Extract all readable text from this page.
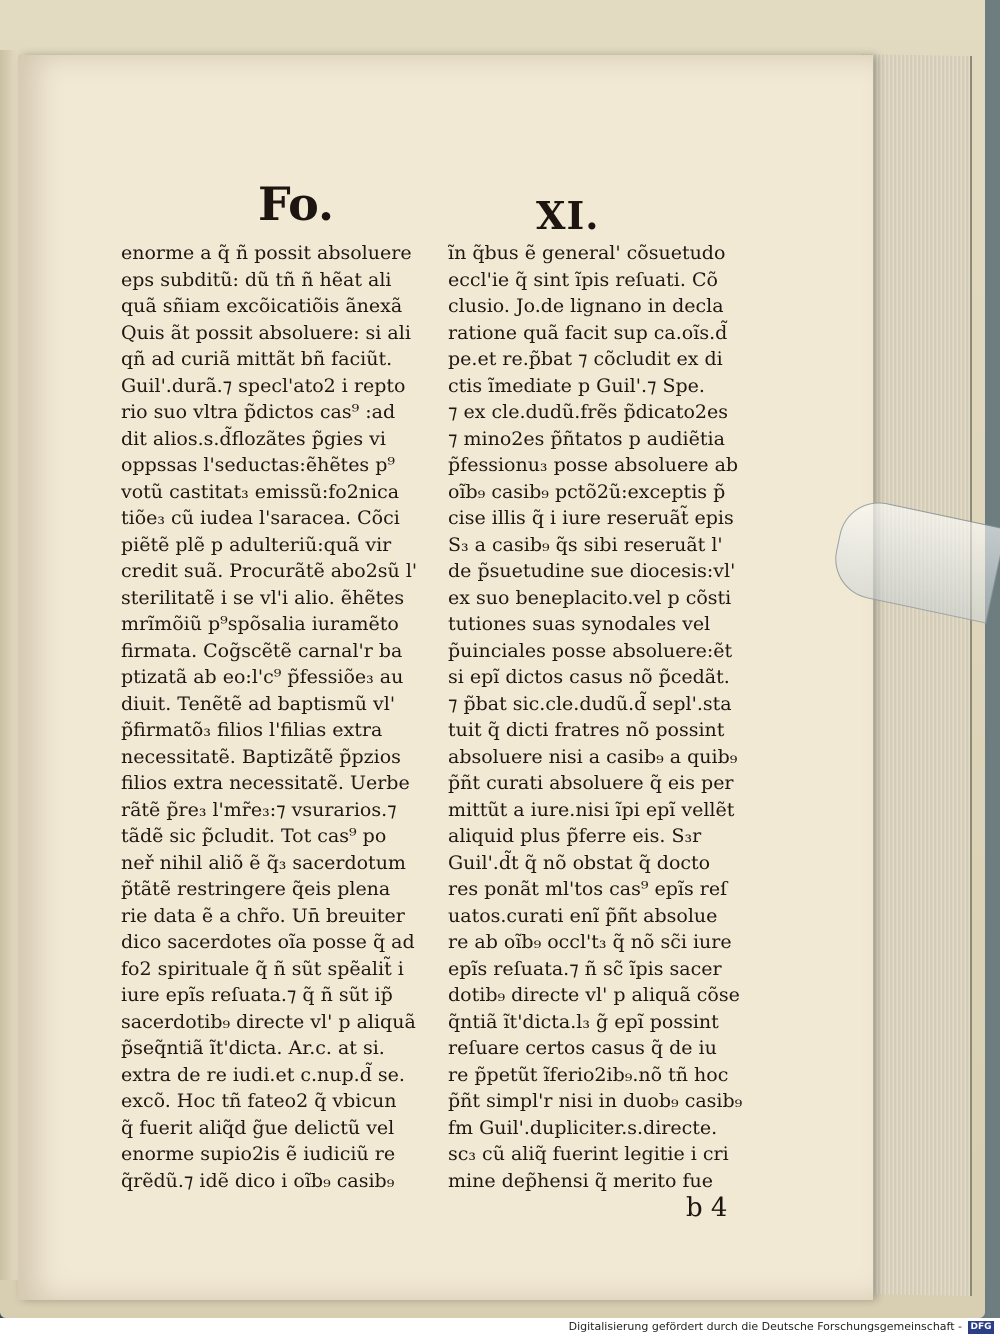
Fo.	XI.
enorme a q̃ ñ possit absoluere
eps subditũ: dũ tñ ñ hẽat ali
quã sñiam excõicatiõis ãnexã
Quis ãt possit absoluere: si ali
qñ ad curiã mittãt bñ faciũt.
Guil'.durã.⁊ specl'ato2 i repto
rio suo vltra p̃dictos cas⁹ :ad
dit alios.s.d̃flozãtes p̃gies vi
oppssas l'seductas:ẽhẽtes p⁹
votũ castitat₃ emissũ:fo2nica
tiõe₃ cũ iudea l'saracea. Cõci
piẽtẽ plẽ p adulteriũ:quã vir
credit suã. Procurãtẽ abo2sũ l'
sterilitatẽ i se vl'i alio. ẽhẽtes
mrĩmõiũ p⁹spõsalia iuramẽto
firmata. Cog̃scẽtẽ carnal'r ba
ptizatã ab eo:l'c⁹ p̃fessiõe₃ au
diuit. Tenẽtẽ ad baptismũ vl'
p̃firmatõ₃ filios l'filias extra
necessitatẽ. Baptizãtẽ p̃pzios
filios extra necessitatẽ. Uerbe
rãtẽ p̃re₃ l'mr̃e₃:⁊ vsurarios.⁊
tãdẽ sic p̃cludit. Tot cas⁹ po
neř nihil aliõ ẽ q̃₃ sacerdotum
p̃tãtẽ restringere q̃eis plena
rie data ẽ a chr̃o. Un̄ breuiter
dico sacerdotes oĩa posse q̃ ad
fo2 spirituale q̃ ñ sũt spẽalit̃ i
iure epĩs reſuata.⁊ q̃ ñ sũt ip̃
sacerdotib₉ directe vl' p aliquã
p̃seq̃ntiã ĩt'dicta. Ar.c. at si.
extra de re iudi.et c.nup.d̃ se.
excõ. Hoc tñ fateo2 q̃ vbicun
q̃ fuerit aliq̃d g̃ue delictũ vel
enorme supio2is ẽ iudiciũ re
q̃rẽdũ.⁊ idẽ dico i oĩb₉ casib₉
ĩn q̃bus ẽ general' cõsuetudo
eccl'ie q̃ sint ĩpis reſuati. Cõ
clusio. Jo.de lignano in decla
ratione quã facit sup ca.oĩs.d̃
pe.et re.p̃bat ⁊ cõcludit ex di
ctis ĩmediate p Guil'.⁊ Spe.
⁊ ex cle.dudũ.frẽs p̃dicato2es
⁊ mino2es p̃ñtatos p audiẽtia
p̃fessionu₃ posse absoluere ab
oĩb₉ casib₉ pctõ2ũ:exceptis p̃
cise illis q̃ i iure reseruãt̃ epis
S₃ a casib₉ q̃s sibi reseruãt l'
de p̃suetudine sue diocesis:vl'
ex suo beneplacito.vel p cõsti
tutiones suas synodales vel
p̃uinciales posse absoluere:ẽt
si epĩ dictos casus nõ p̃cedãt.
⁊ p̃bat sic.cle.dudũ.d̃ sepl'.sta
tuit q̃ dicti fratres nõ possint
absoluere nisi a casib₉ a quib₉
p̃ñt curati absoluere q̃ eis per
mittũt a iure.nisi ĩpi epĩ vellẽt
aliquid plus p̃ferre eis. S₃r
Guil'.d̃t q̃ nõ obstat q̃ docto
res ponãt ml'tos cas⁹ epĩs reſ
uatos.curati enĩ p̃ñt absolue
re ab oĩb₉ occl't₃ q̃ nõ sc̃i iure
epĩs reſuata.⁊ ñ sc̃ ĩpis sacer
dotib₉ directe vl' p aliquã cõse
q̃ntiã ĩt'dicta.l₃ g̃ epĩ possint
reſuare certos casus q̃ de iu
re p̃petũt ĩferio2ib₉.nõ tñ hoc
p̃ñt simpl'r nisi in duob₉ casib₉
fm Guil'.dupliciter.s.directe.
sc₃ cũ aliq̃ fuerint legitie i cri
mine dep̃hensi q̃ merito fue
b 4
Digitalisierung gefördert durch die Deutsche Forschungsgemeinschaft - DFG
